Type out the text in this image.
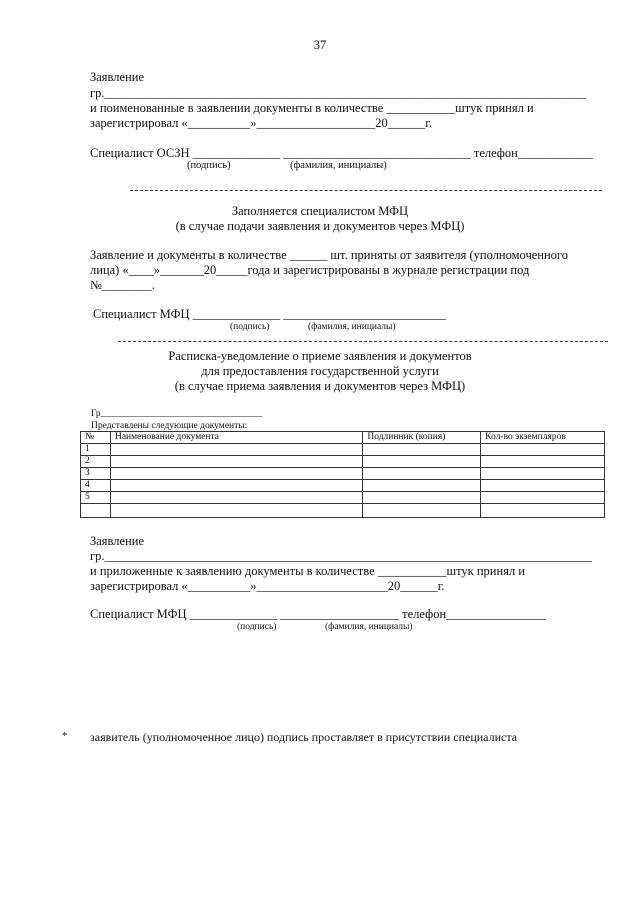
37
Заявление
гр._____________________________________________________________________________
и поименованные в заявлении документы в количестве ___________штук принял и
зарегистрировал «__________»___________________20______г.
Специалист ОСЗН ______________ ______________________________ телефон____________
(подпись)	(фамилия, инициалы)
Заполняется специалистом МФЦ
(в случае подачи заявления и документов через МФЦ)
Заявление и документы в количестве ______ шт. приняты от заявителя (уполномоченного
лица) «____»_______20_____года и зарегистрированы в журнале регистрации под
№________.
Специалист МФЦ ______________ __________________________
(подпись)	(фамилия, инициалы)
Расписка-уведомление о приеме заявления и документов
для предоставления государственной услуги
(в случае приема заявления и документов через МФЦ)
Гр__________________________________
Представлены следующие документы:
№	Наименование документа	Подлинник (копия)	Кол-во экземпляров
1			
2			
3			
4			
5			

Заявление
гр.______________________________________________________________________________
и приложенные к заявлению документы в количестве ___________штук принял и
зарегистрировал «__________»_____________________20______г.
Специалист МФЦ ______________ ___________________ телефон________________
(подпись)	(фамилия, инициалы)
* заявитель (уполномоченное лицо) подпись проставляет в присутствии специалиста
